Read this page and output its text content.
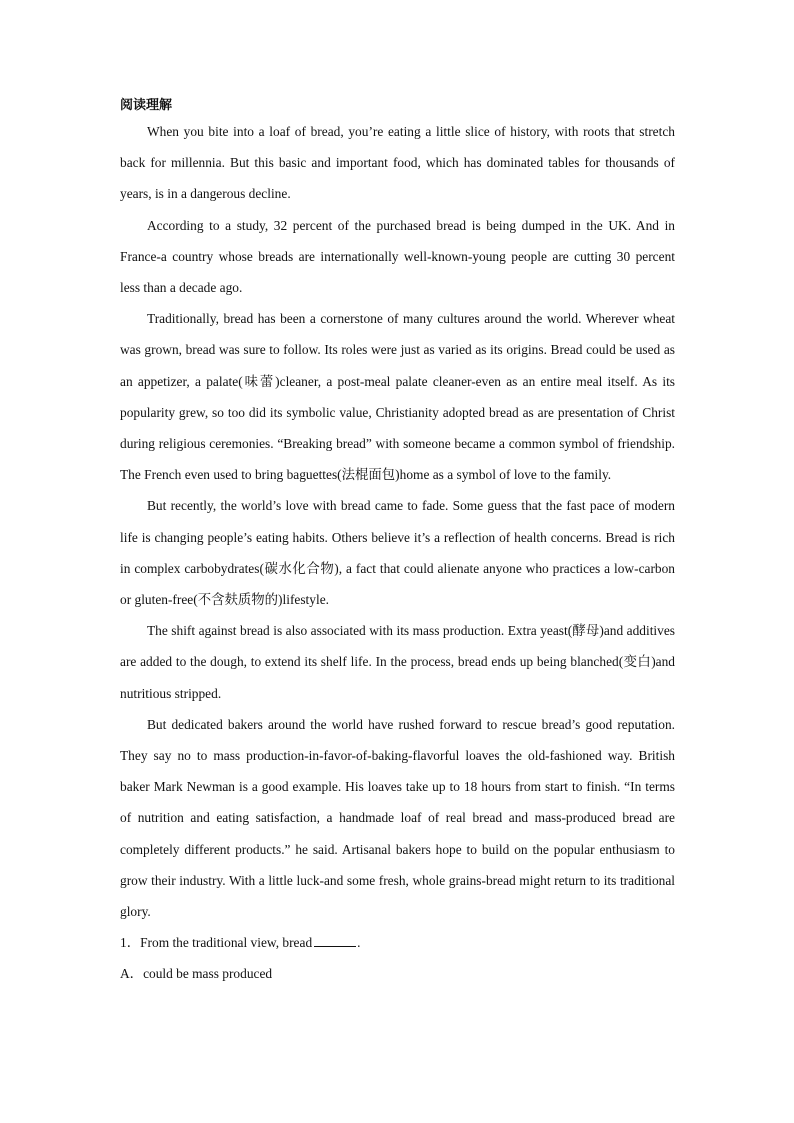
阅读理解

When you bite into a loaf of bread, you’re eating a little slice of history, with roots that stretch back for millennia. But this basic and important food, which has dominated tables for thousands of years, is in a dangerous decline.

According to a study, 32 percent of the purchased bread is being dumped in the UK. And in France-a country whose breads are internationally well-known-young people are cutting 30 percent less than a decade ago.

Traditionally, bread has been a cornerstone of many cultures around the world. Wherever wheat was grown, bread was sure to follow. Its roles were just as varied as its origins. Bread could be used as an appetizer, a palate(味蕾)cleaner, a post-meal palate cleaner-even as an entire meal itself. As its popularity grew, so too did its symbolic value, Christianity adopted bread as are presentation of Christ during religious ceremonies. “Breaking bread” with someone became a common symbol of friendship. The French even used to bring baguettes(法棍面包)home as a symbol of love to the family.

But recently, the world’s love with bread came to fade. Some guess that the fast pace of modern life is changing people’s eating habits. Others believe it’s a reflection of health concerns. Bread is rich in complex carbobydrates(碳水化合物), a fact that could alienate anyone who practices a low-carbon or gluten-free(不含麸质物的)lifestyle.

The shift against bread is also associated with its mass production. Extra yeast(酵母)and additives are added to the dough, to extend its shelf life. In the process, bread ends up being blanched(变白)and nutritious stripped.

But dedicated bakers around the world have rushed forward to rescue bread’s good reputation. They say no to mass production-in-favor-of-baking-flavorful loaves the old-fashioned way. British baker Mark Newman is a good example. His loaves take up to 18 hours from start to finish. “In terms of nutrition and eating satisfaction, a handmade loaf of real bread and mass-produced bread are completely different products.” he said. Artisanal bakers hope to build on the popular enthusiasm to grow their industry. With a little luck-and some fresh, whole grains-bread might return to its traditional glory.

1．From the traditional view, bread	.
A．could be mass produced
